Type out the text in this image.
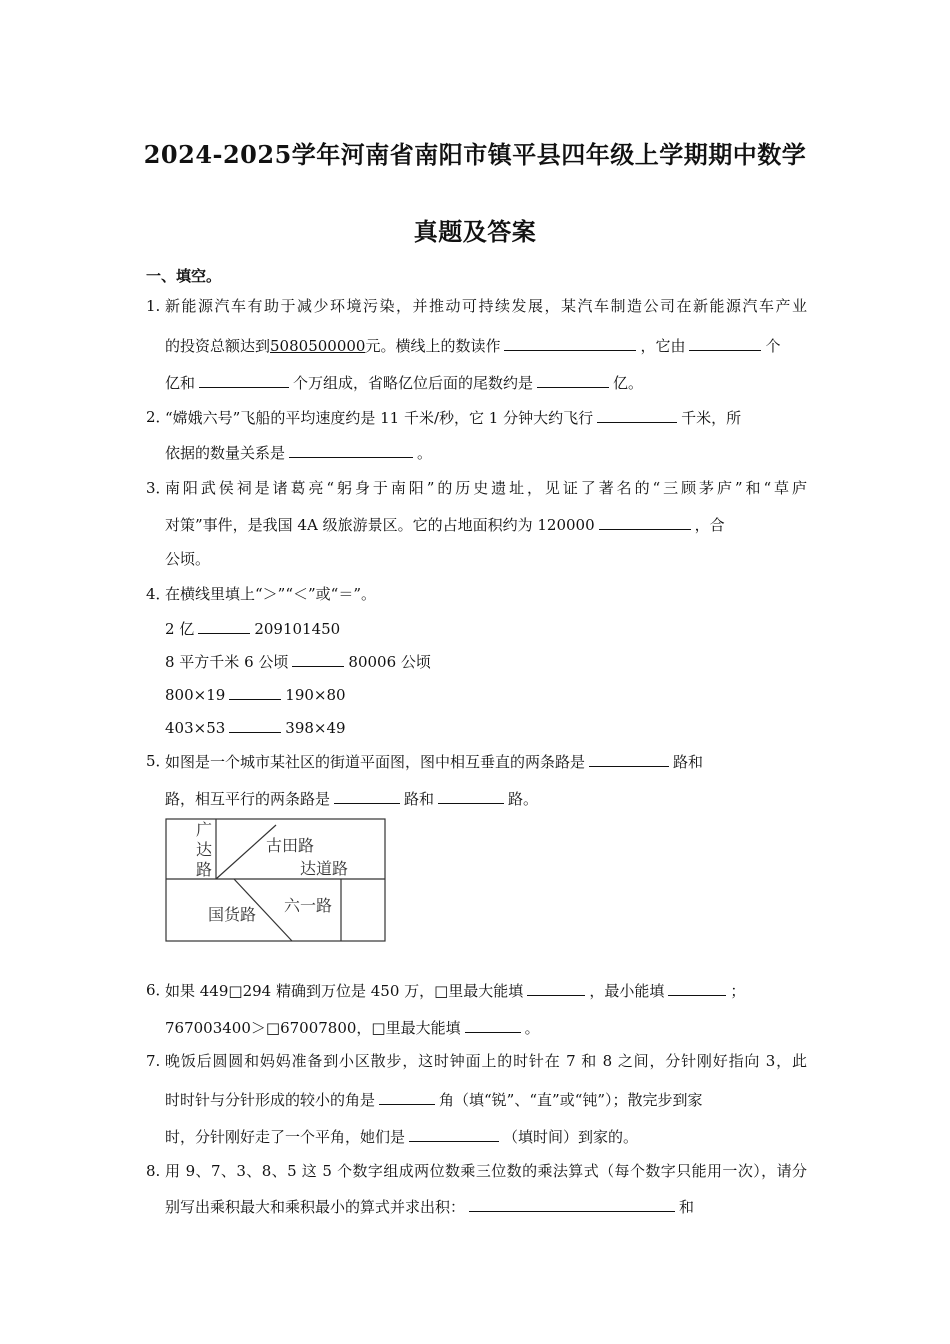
2024-2025学年河南省南阳市镇平县四年级上学期期中数学
真题及答案
一、填空。
1. 新能源汽车有助于减少环境污染，并推动可持续发展，某汽车制造公司在新能源汽车产业
的投资总额达到5080500000元。横线上的数读作	，它由	个
亿和	个万组成，省略亿位后面的尾数约是	亿。
2．
“嫦娥六号”飞船的平均速度约是 11 千米/秒，它 1 分钟大约飞行	千米，所
依据的数量关系是	。
3．
南阳武侯祠是诸葛亮“躬身于南阳”的历史遗址，见证了著名的“三顾茅庐”和“草庐
对策”事件，是我国 4A 级旅游景区。它的占地面积约为 120000	，合
公顷。
4．
在横线里填上“＞”“＜”或“＝”。
2 亿	209101450
8 平方千米 6 公顷	80006 公顷
800×19	190×80
403×53	398×49
5．
如图是一个城市某社区的街道平面图，图中相互垂直的两条路是	路和
路，相互平行的两条路是	路和	路。
广
达
路
古田路
达道路
六一路
国货路
6．
如果 449□294 精确到万位是 450 万，□里最大能填	，最小能填	；
767003400＞□67007800，□里最大能填	。
7. 晚饭后圆圆和妈妈准备到小区散步，这时钟面上的时针在 7 和 8 之间，分针刚好指向 3，此
时时针与分针形成的较小的角是	角（填“锐”、“直”或“钝”）；散完步到家
时，分针刚好走了一个平角，她们是	（填时间）到家的。
8. 用 9、7、3、8、5 这 5 个数字组成两位数乘三位数的乘法算式（每个数字只能用一次），请分
别写出乘积最大和乘积最小的算式并求出积：	和
